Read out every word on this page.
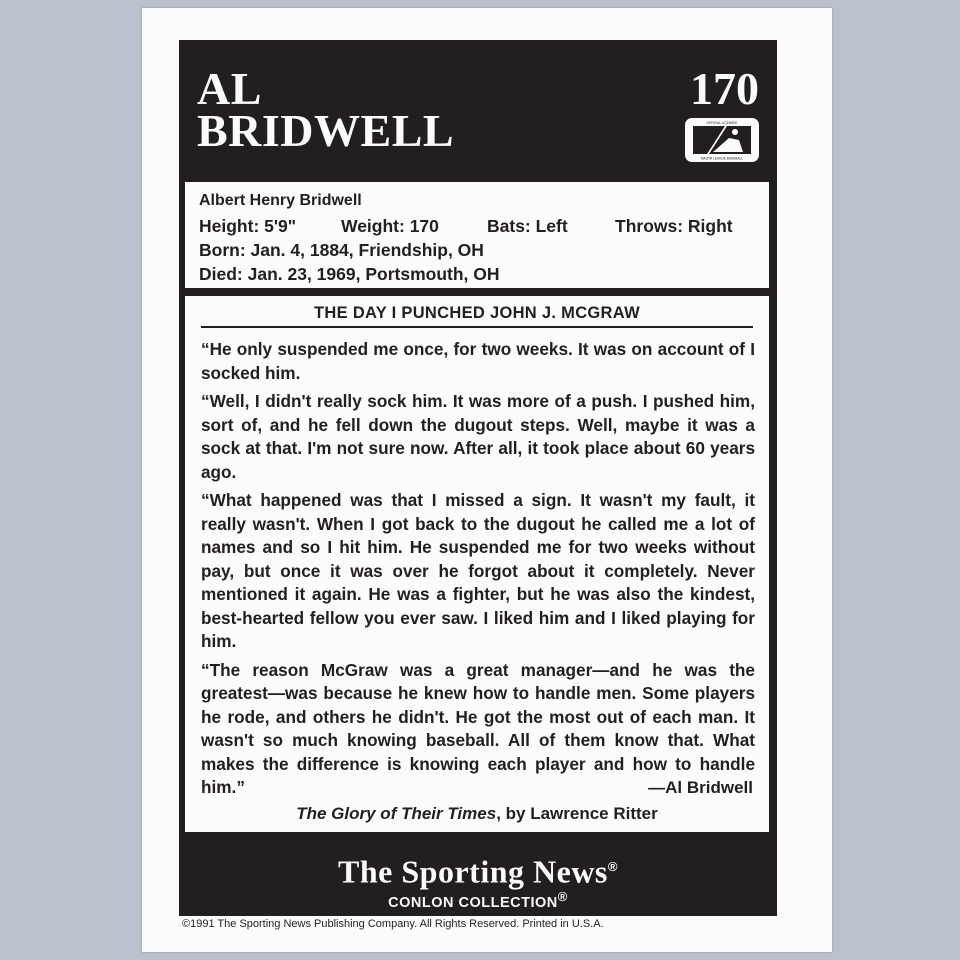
AL
BRIDWELL
170
OFFICIAL LICENSEE
MAJOR LEAGUE BASEBALL
Albert Henry Bridwell
Height: 5'9"	Weight: 170	Bats: Left	Throws: Right
Born: Jan. 4, 1884, Friendship, OH
Died: Jan. 23, 1969, Portsmouth, OH
THE DAY I PUNCHED JOHN J. MCGRAW

“He only suspended me once, for two weeks. It was on account of I socked him.

“Well, I didn't really sock him. It was more of a push. I pushed him, sort of, and he fell down the dugout steps. Well, maybe it was a sock at that. I'm not sure now. After all, it took place about 60 years ago.

“What happened was that I missed a sign. It wasn't my fault, it really wasn't. When I got back to the dugout he called me a lot of names and so I hit him. He suspended me for two weeks without pay, but once it was over he forgot about it completely. Never mentioned it again. He was a fighter, but he was also the kindest, best-hearted fellow you ever saw. I liked him and I liked playing for him.

“The reason McGraw was a great manager—and he was the greatest—was because he knew how to handle men. Some players he rode, and others he didn't. He got the most out of each man. It wasn't so much knowing baseball. All of them know that. What makes the difference is knowing each player and how to handle him.”	—Al Bridwell
The Glory of Their Times, by Lawrence Ritter
The Sporting News®
CONLON COLLECTION®
©1991 The Sporting News Publishing Company. All Rights Reserved. Printed in U.S.A.
